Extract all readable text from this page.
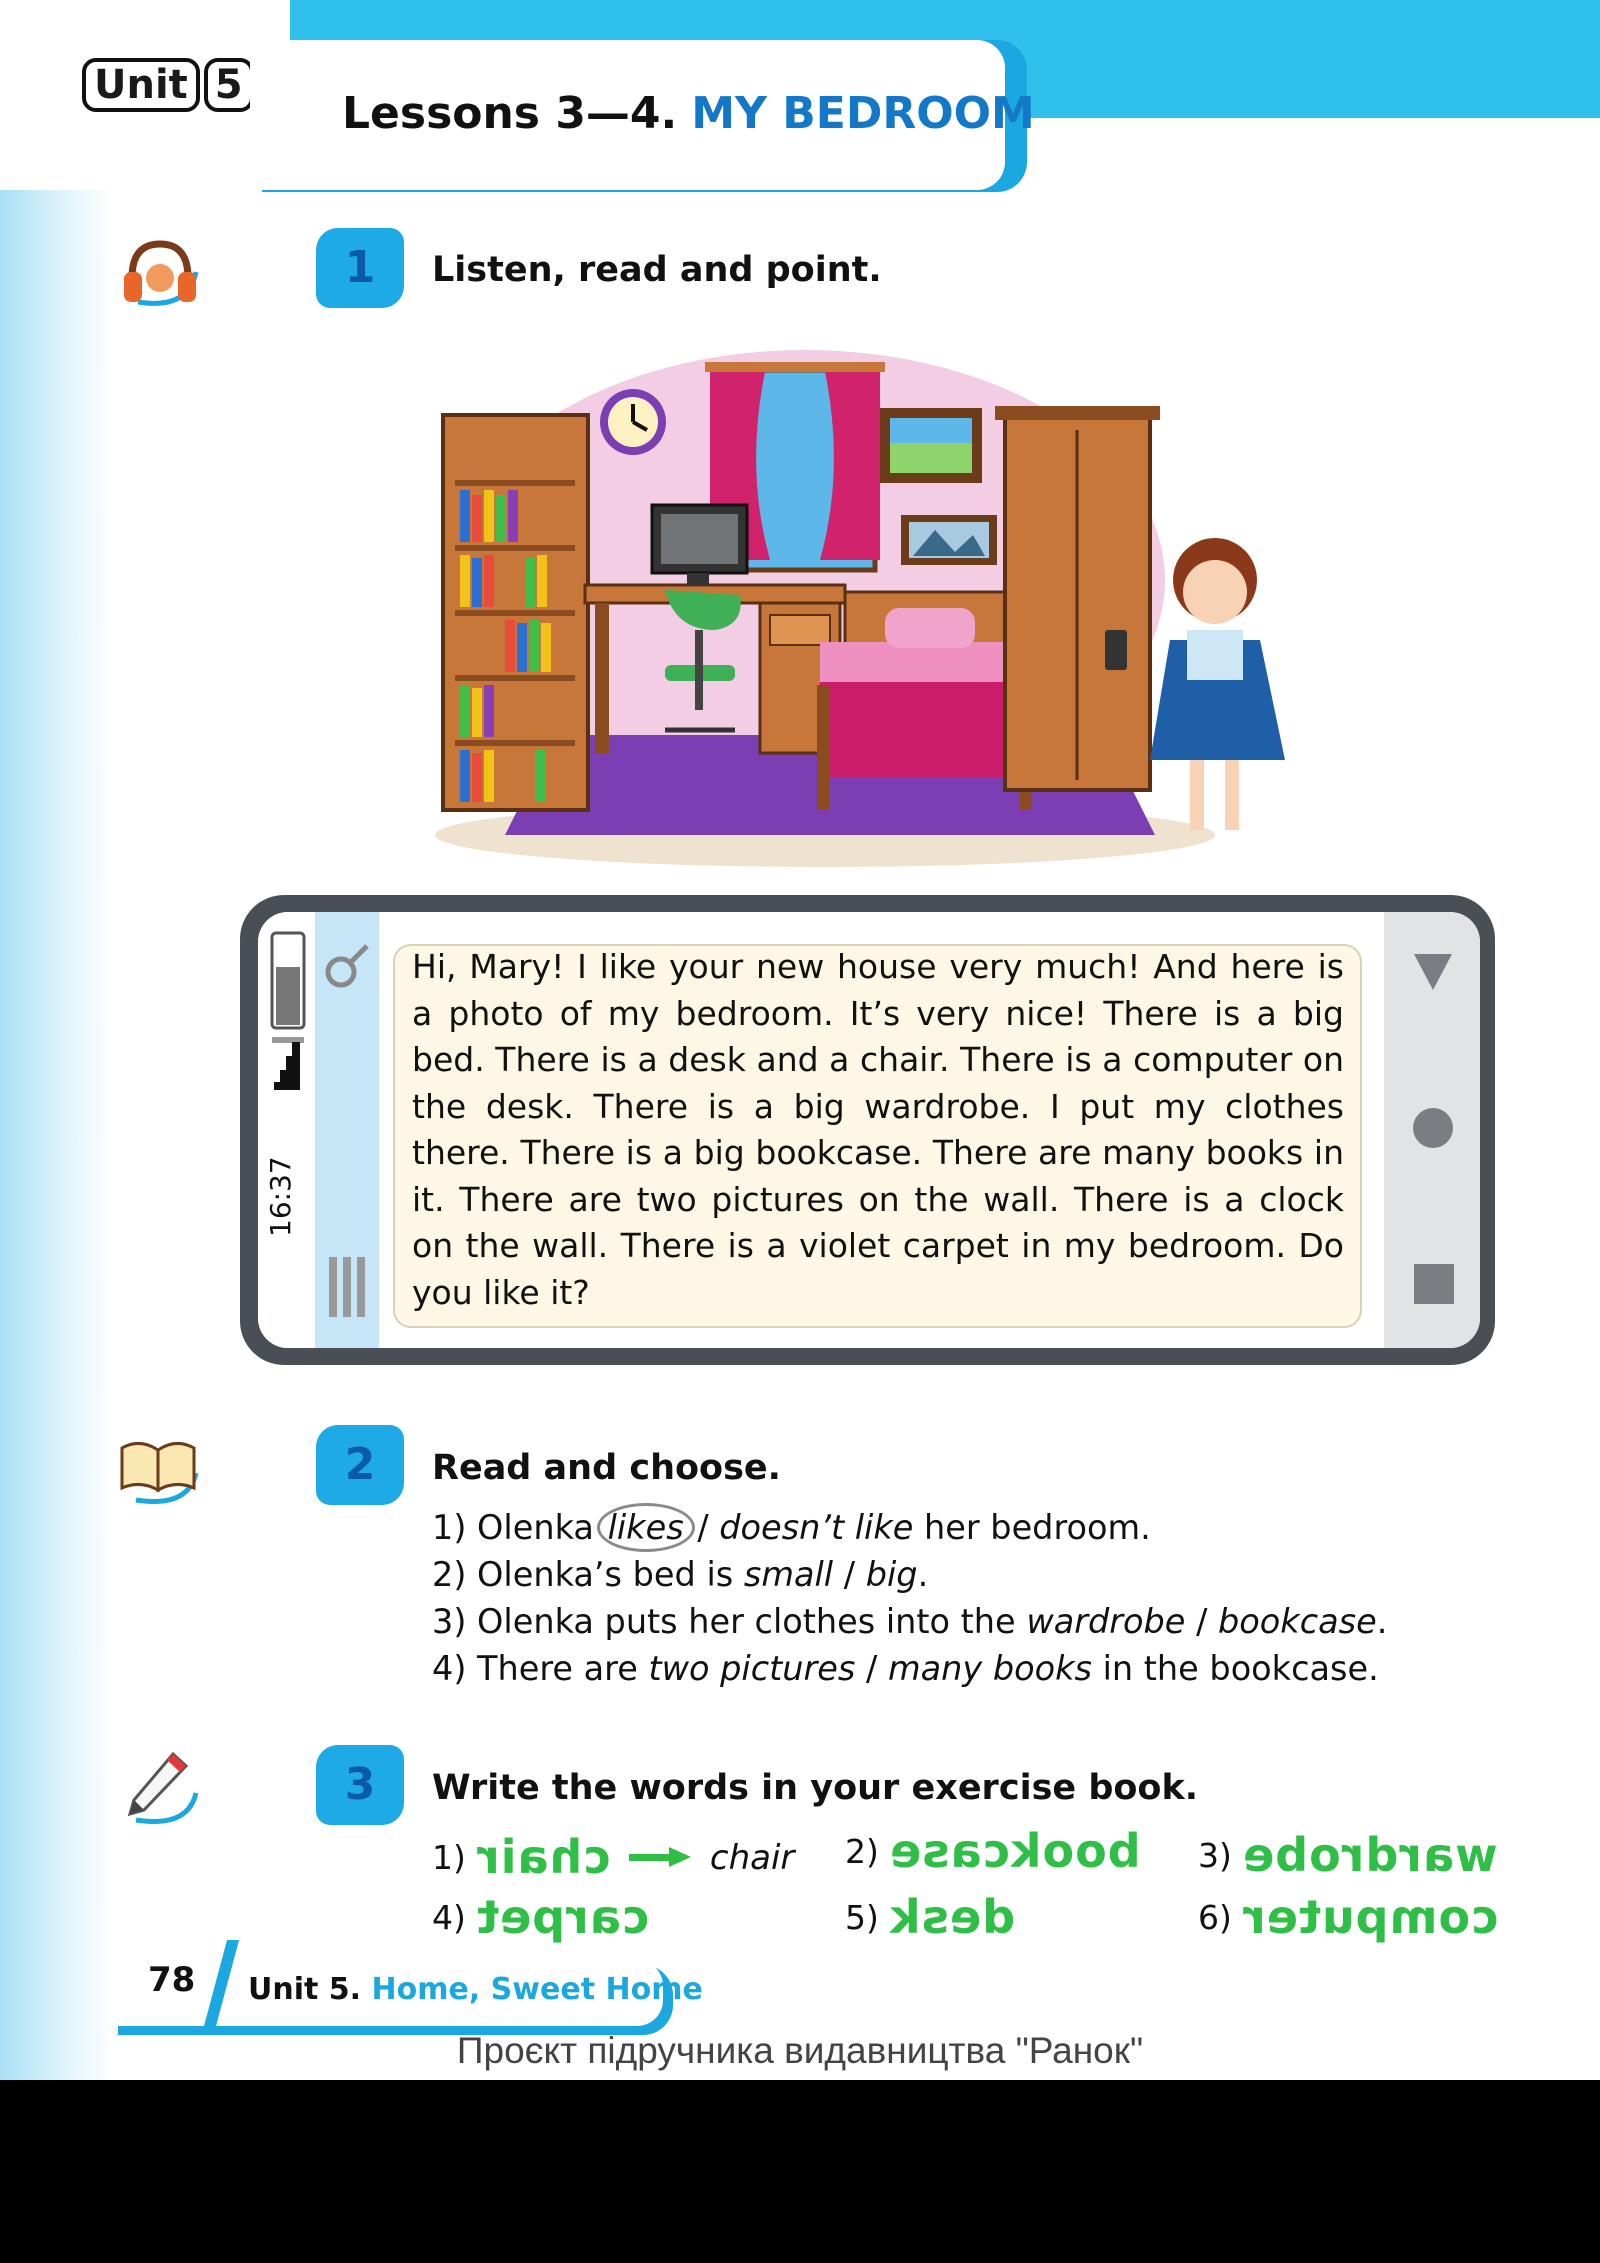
Unit 5
Lessons 3—4. MY BEDROOM
1	Listen, read and point.
16:37
Hi, Mary! I like your new house very much! And here is a photo of my bedroom. It’s very nice! There is a big bed. There is a desk and a chair. There is a computer on the desk. There is a big wardrobe. I put my clothes there. There is a big bookcase. There are many books in it. There are two pictures on the wall. There is a clock on the wall. There is a violet carpet in my bedroom. Do you like it?
2	Read and choose.
1) Olenka likes / doesn’t like her bedroom.
2) Olenka’s bed is small / big.
3) Olenka puts her clothes into the wardrobe / bookcase.
4) There are two pictures / many books in the bookcase.
3	Write the words in your exercise book.
1) chair	chair 2) bookcase 3) wardrobe
4) carpet	5) desk	6) computer
78 Unit 5. Home, Sweet Home
Проєкт підручника видавництва "Ранок"
